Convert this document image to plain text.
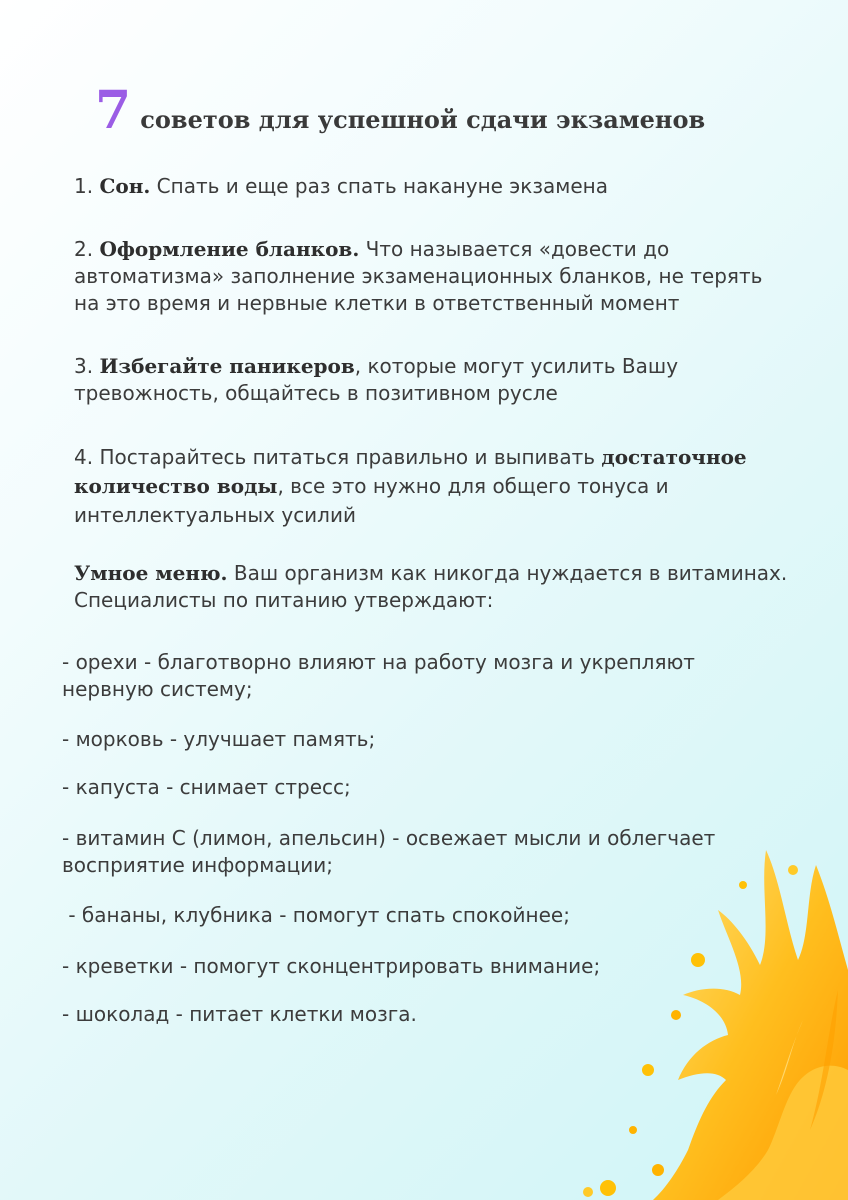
7 советов для успешной сдачи экзаменов
1. Сон. Спать и еще раз спать накануне экзамена
2. Оформление бланков. Что называется «довести до автоматизма» заполнение экзаменационных бланков, не терять на это время и нервные клетки в ответственный момент
3. Избегайте паникеров, которые могут усилить Вашу тревожность, общайтесь в позитивном русле
4. Постарайтесь питаться правильно и выпивать достаточное количество воды, все это нужно для общего тонуса и интеллектуальных усилий
Умное меню. Ваш организм как никогда нуждается в витаминах. Специалисты по питанию утверждают:
- орехи - благотворно влияют на работу мозга и укрепляют нервную систему;
- морковь - улучшает память;
- капуста - снимает стресс;
- витамин С (лимон, апельсин) - освежает мысли и облегчает восприятие информации;
- бананы, клубника - помогут спать спокойнее;
- креветки - помогут сконцентрировать внимание;
- шоколад - питает клетки мозга.
